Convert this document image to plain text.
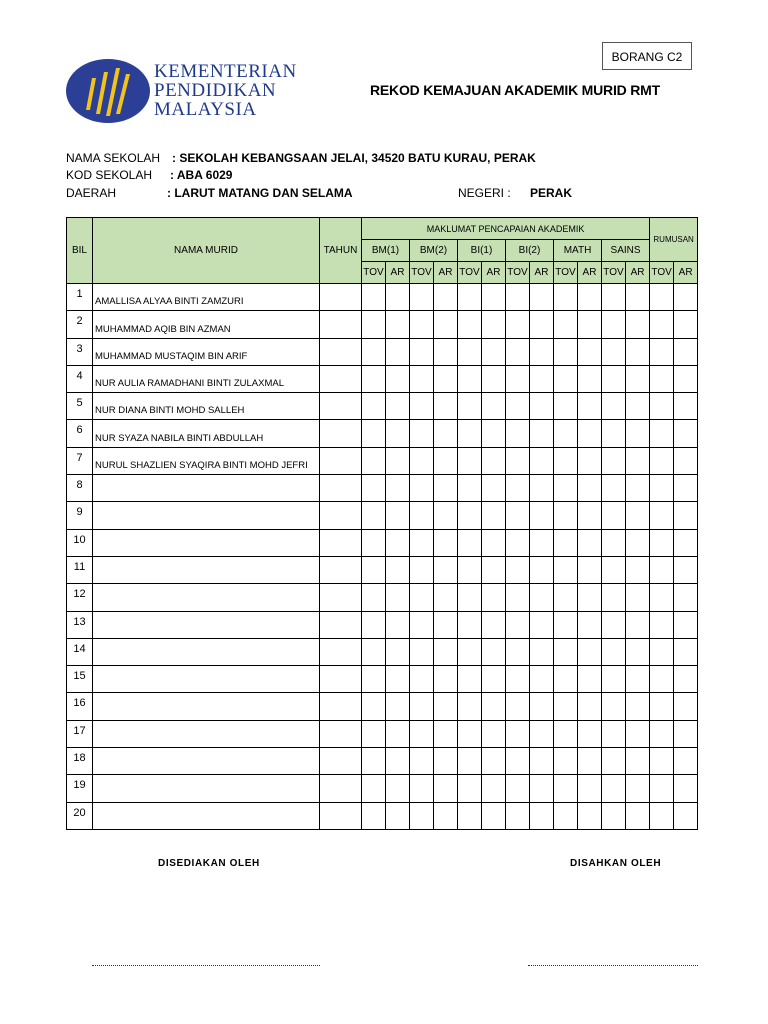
BORANG C2
KEMENTERIAN
PENDIDIKAN
MALAYSIA
REKOD KEMAJUAN AKADEMIK MURID RMT
NAMA SEKOLAH : SEKOLAH KEBANGSAAN JELAI, 34520 BATU KURAU, PERAK
KOD SEKOLAH : ABA 6029
DAERAH	: LARUT MATANG DAN SELAMA	NEGERI : PERAK
BIL	NAMA MURID	TAHUN	MAKLUMAT PENCAPAIAN AKADEMIK												RUMUSAN	
			BM(1)		BM(2)		BI(1)		BI(2)		MATH		SAINS			
			TOV	AR	TOV	AR	TOV	AR	TOV	AR	TOV	AR	TOV	AR	TOV	AR
1	AMALLISA ALYAA BINTI ZAMZURI															
2	MUHAMMAD AQIB BIN AZMAN															
3	MUHAMMAD MUSTAQIM BIN ARIF															
4	NUR AULIA RAMADHANI BINTI ZULAXMAL															
5	NUR DIANA BINTI MOHD SALLEH															
6	NUR SYAZA NABILA BINTI ABDULLAH															
7	NURUL SHAZLIEN SYAQIRA BINTI MOHD JEFRI															
8																
9																
10																
11																
12																
13																
14																
15																
16																
17																
18																
19																
20																
DISEDIAKAN OLEH	DISAHKAN OLEH
